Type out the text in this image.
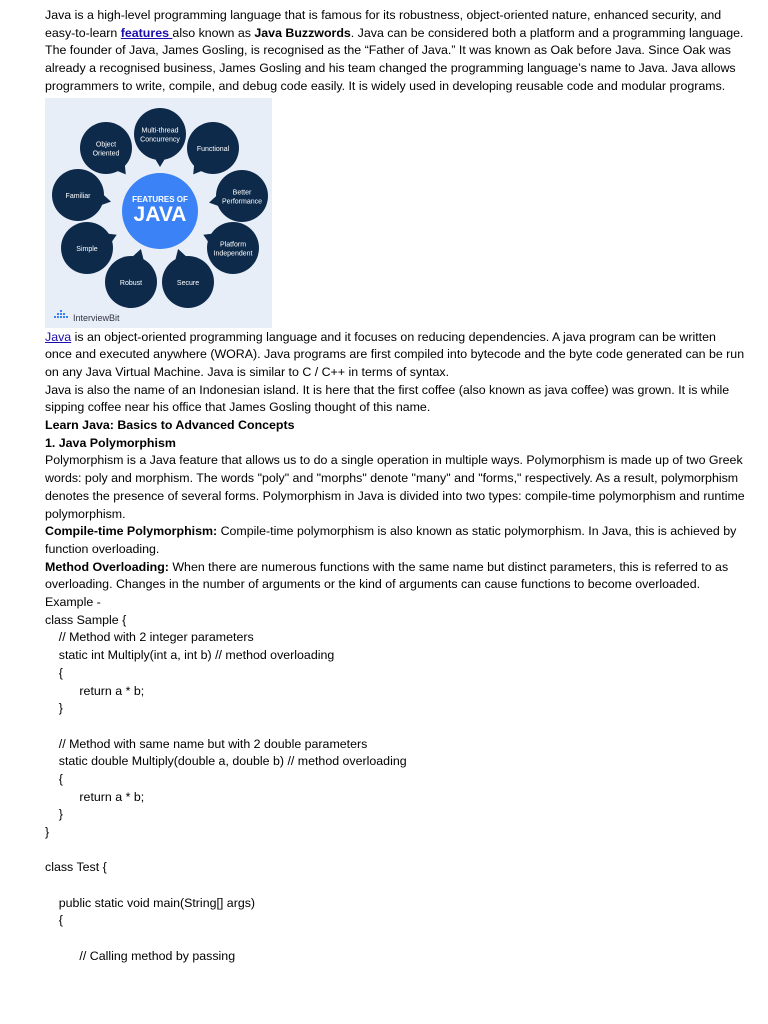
Java is a high-level programming language that is famous for its robustness, object-oriented nature, enhanced security, and easy-to-learn features also known as Java Buzzwords. Java can be considered both a platform and a programming language. The founder of Java, James Gosling, is recognised as the “Father of Java.” It was known as Oak before Java. Since Oak was already a recognised business, James Gosling and his team changed the programming language’s name to Java. Java allows programmers to write, compile, and debug code easily. It is widely used in developing reusable code and modular programs.

Multi-thread
Concurrency
Functional
Better
Performance
Platform
Independent
Secure
Robust
Simple
Familiar
Object
Oriented
FEATURES OF
JAVA
InterviewBit

Java is an object-oriented programming language and it focuses on reducing dependencies. A java program can be written once and executed anywhere (WORA). Java programs are first compiled into bytecode and the byte code generated can be run on any Java Virtual Machine. Java is similar to C / C++ in terms of syntax.

Java is also the name of an Indonesian island. It is here that the first coffee (also known as java coffee) was grown. It is while sipping coffee near his office that James Gosling thought of this name.

Learn Java: Basics to Advanced Concepts

1. Java Polymorphism

Polymorphism is a Java feature that allows us to do a single operation in multiple ways. Polymorphism is made up of two Greek words: poly and morphism. The words "poly" and "morphs" denote "many" and "forms," respectively. As a result, polymorphism denotes the presence of several forms. Polymorphism in Java is divided into two types: compile-time polymorphism and runtime polymorphism.

Compile-time Polymorphism: Compile-time polymorphism is also known as static polymorphism. In Java, this is achieved by function overloading.

Method Overloading: When there are numerous functions with the same name but distinct parameters, this is referred to as overloading. Changes in the number of arguments or the kind of arguments can cause functions to become overloaded.

Example -

class Sample {
// Method with 2 integer parameters
static int Multiply(int a, int b) // method overloading
{
return a * b;
}
// Method with same name but with 2 double parameters
static double Multiply(double a, double b) // method overloading
{
return a * b;
}
}
class Test {
public static void main(String[] args)
{
// Calling method by passing
